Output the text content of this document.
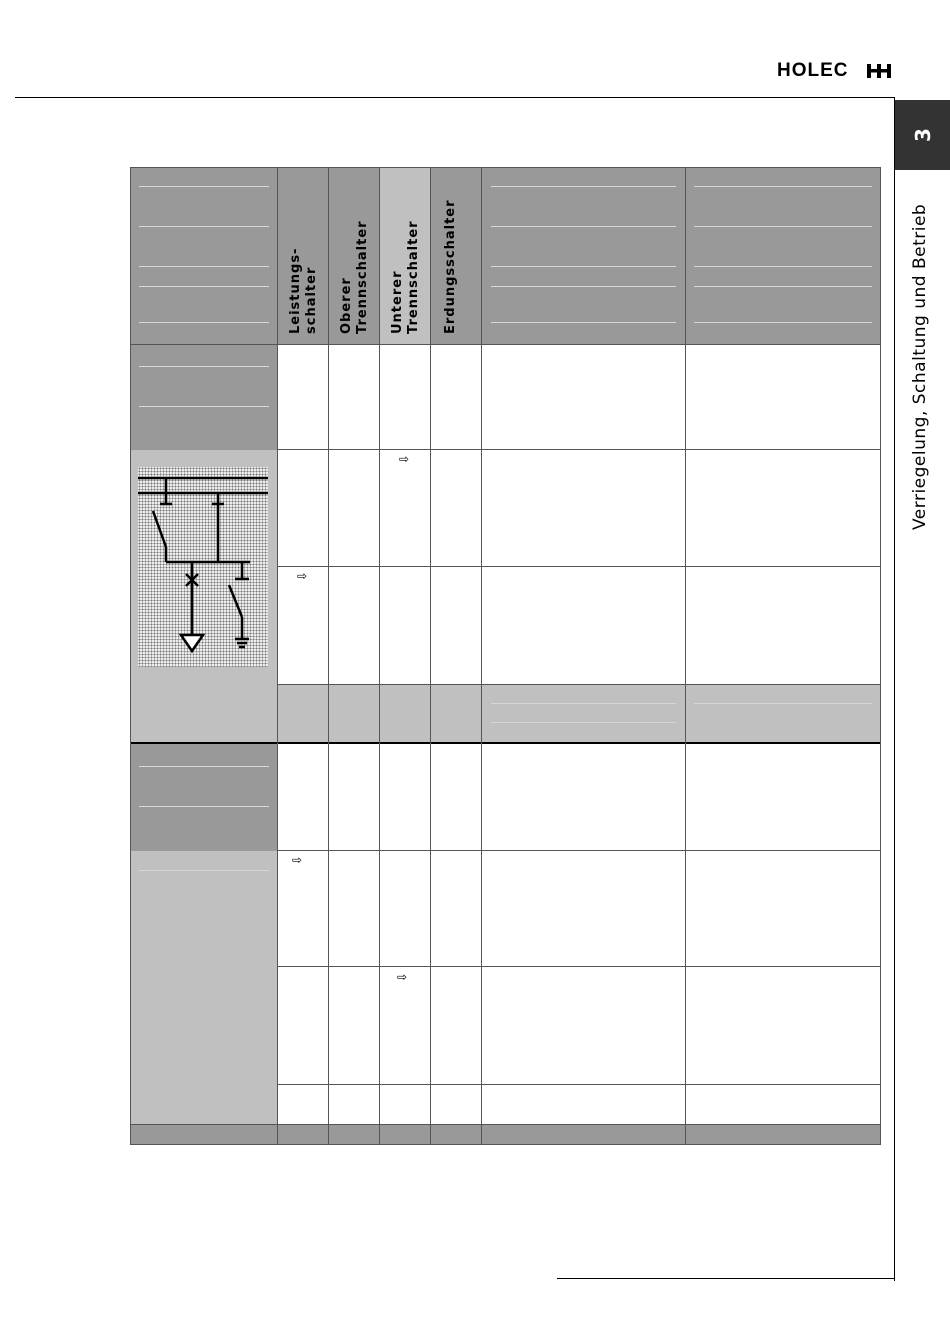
HOLEC
3
Verriegelung, Schaltung und Betrieb
Leistungs- schalter Oberer Trennschalter Unterer Trennschalter Erdungsschalter
⇨
⇨
⇨
⇨
